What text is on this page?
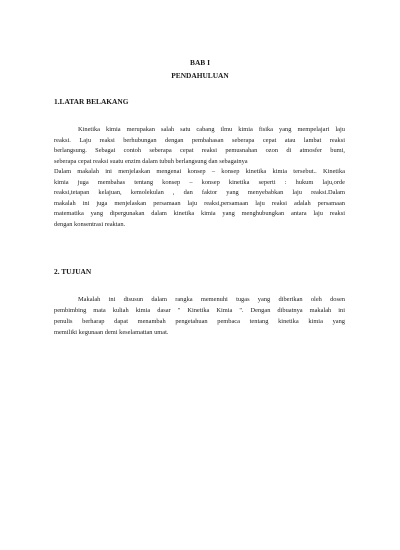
BAB I
PENDAHULUAN
1.LATAR BELAKANG
Kinetika kimia merupakan salah satu cabang ilmu kimia fisika yang mempelajari laju
reaksi. Laju reaksi berhubungan dengan pembahasan seberapa cepat atau lambat reaksi
berlangsung. Sebagai contoh seberapa cepat reaksi pemusnahan ozon di atmosfer bumi,
seberapa cepat reaksi suatu enzim dalam tubuh berlangsung dan sebagainya
Dalam makalah ini menjelaskan mengenai konsep – konsep kinetika kimia tersebut.. Kinetika
kimia juga membahas tentang konsep – konsep kinetika seperti : hukum laju,orde
reaksi,tetapan kelajuan, kemolekulan , dan faktor yang menyebabkan laju reaksi.Dalam
makalah ini juga menjelaskan persamaan laju reaksi,persamaan laju reaksi adalah persamaan
matematika yang dipergunakan dalam kinetika kimia yang menghubungkan antara laju reaksi
dengan konsentrasi reaktan.
2. TUJUAN
Makalah ini disusun dalam rangka memenuhi tugas yang diberikan oleh dosen
pembimbing mata kuliah kimia dasar " Kinetika Kimia ". Dengan dibuatnya makalah ini
penulis berharap dapat menambah pengetahuan pembaca tentang kinetika kimia yang
memiliki kegunaan demi keselamattan umat.
